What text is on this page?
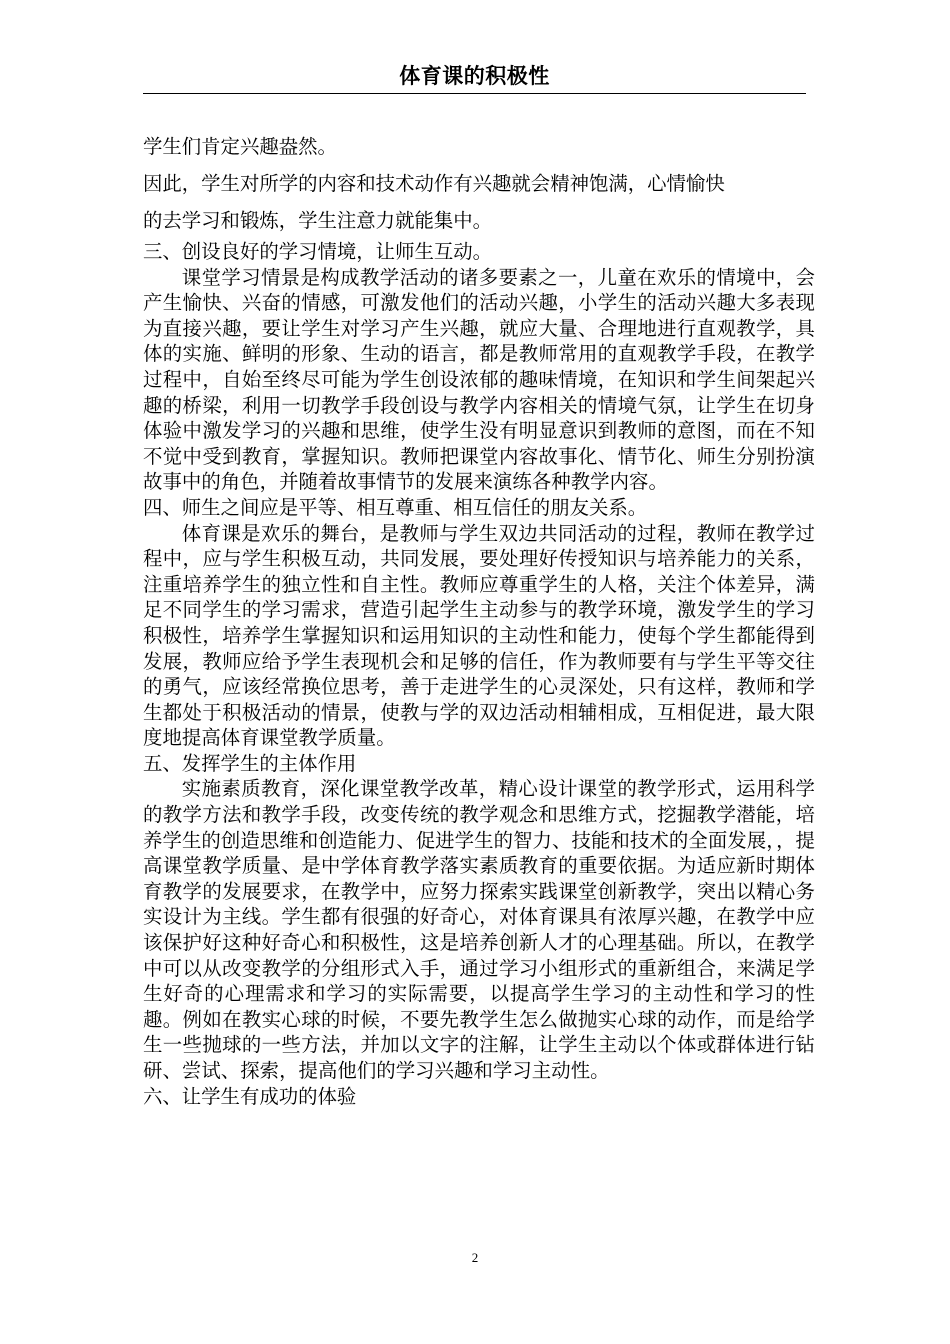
体育课的积极性

学生们肯定兴趣盎然。

因此，学生对所学的内容和技术动作有兴趣就会精神饱满，心情愉快

的去学习和锻炼，学生注意力就能集中。

三、创设良好的学习情境，让师生互动。

课堂学习情景是构成教学活动的诸多要素之一，儿童在欢乐的情境中，会产生愉快、兴奋的情感，可激发他们的活动兴趣，小学生的活动兴趣大多表现为直接兴趣，要让学生对学习产生兴趣，就应大量、合理地进行直观教学，具体的实施、鲜明的形象、生动的语言，都是教师常用的直观教学手段，在教学过程中，自始至终尽可能为学生创设浓郁的趣味情境，在知识和学生间架起兴趣的桥梁，利用一切教学手段创设与教学内容相关的情境气氛，让学生在切身体验中激发学习的兴趣和思维，使学生没有明显意识到教师的意图，而在不知不觉中受到教育，掌握知识。教师把课堂内容故事化、情节化、师生分别扮演故事中的角色，并随着故事情节的发展来演练各种教学内容。

四、师生之间应是平等、相互尊重、相互信任的朋友关系。

体育课是欢乐的舞台，是教师与学生双边共同活动的过程，教师在教学过程中，应与学生积极互动，共同发展，要处理好传授知识与培养能力的关系，注重培养学生的独立性和自主性。教师应尊重学生的人格，关注个体差异，满足不同学生的学习需求，营造引起学生主动参与的教学环境，激发学生的学习积极性，培养学生掌握知识和运用知识的主动性和能力，使每个学生都能得到发展，教师应给予学生表现机会和足够的信任，作为教师要有与学生平等交往的勇气，应该经常换位思考，善于走进学生的心灵深处，只有这样，教师和学生都处于积极活动的情景，使教与学的双边活动相辅相成，互相促进，最大限度地提高体育课堂教学质量。

五、发挥学生的主体作用

实施素质教育，深化课堂教学改革，精心设计课堂的教学形式，运用科学的教学方法和教学手段，改变传统的教学观念和思维方式，挖掘教学潜能，培养学生的创造思维和创造能力、促进学生的智力、技能和技术的全面发展，，提高课堂教学质量、是中学体育教学落实素质教育的重要依据。为适应新时期体育教学的发展要求，在教学中，应努力探索实践课堂创新教学，突出以精心务实设计为主线。学生都有很强的好奇心，对体育课具有浓厚兴趣，在教学中应该保护好这种好奇心和积极性，这是培养创新人才的心理基础。所以，在教学中可以从改变教学的分组形式入手，通过学习小组形式的重新组合，来满足学生好奇的心理需求和学习的实际需要，以提高学生学习的主动性和学习的性趣。例如在教实心球的时候，不要先教学生怎么做抛实心球的动作，而是给学生一些抛球的一些方法，并加以文字的注解，让学生主动以个体或群体进行钻研、尝试、探索，提高他们的学习兴趣和学习主动性。

六、让学生有成功的体验

2
